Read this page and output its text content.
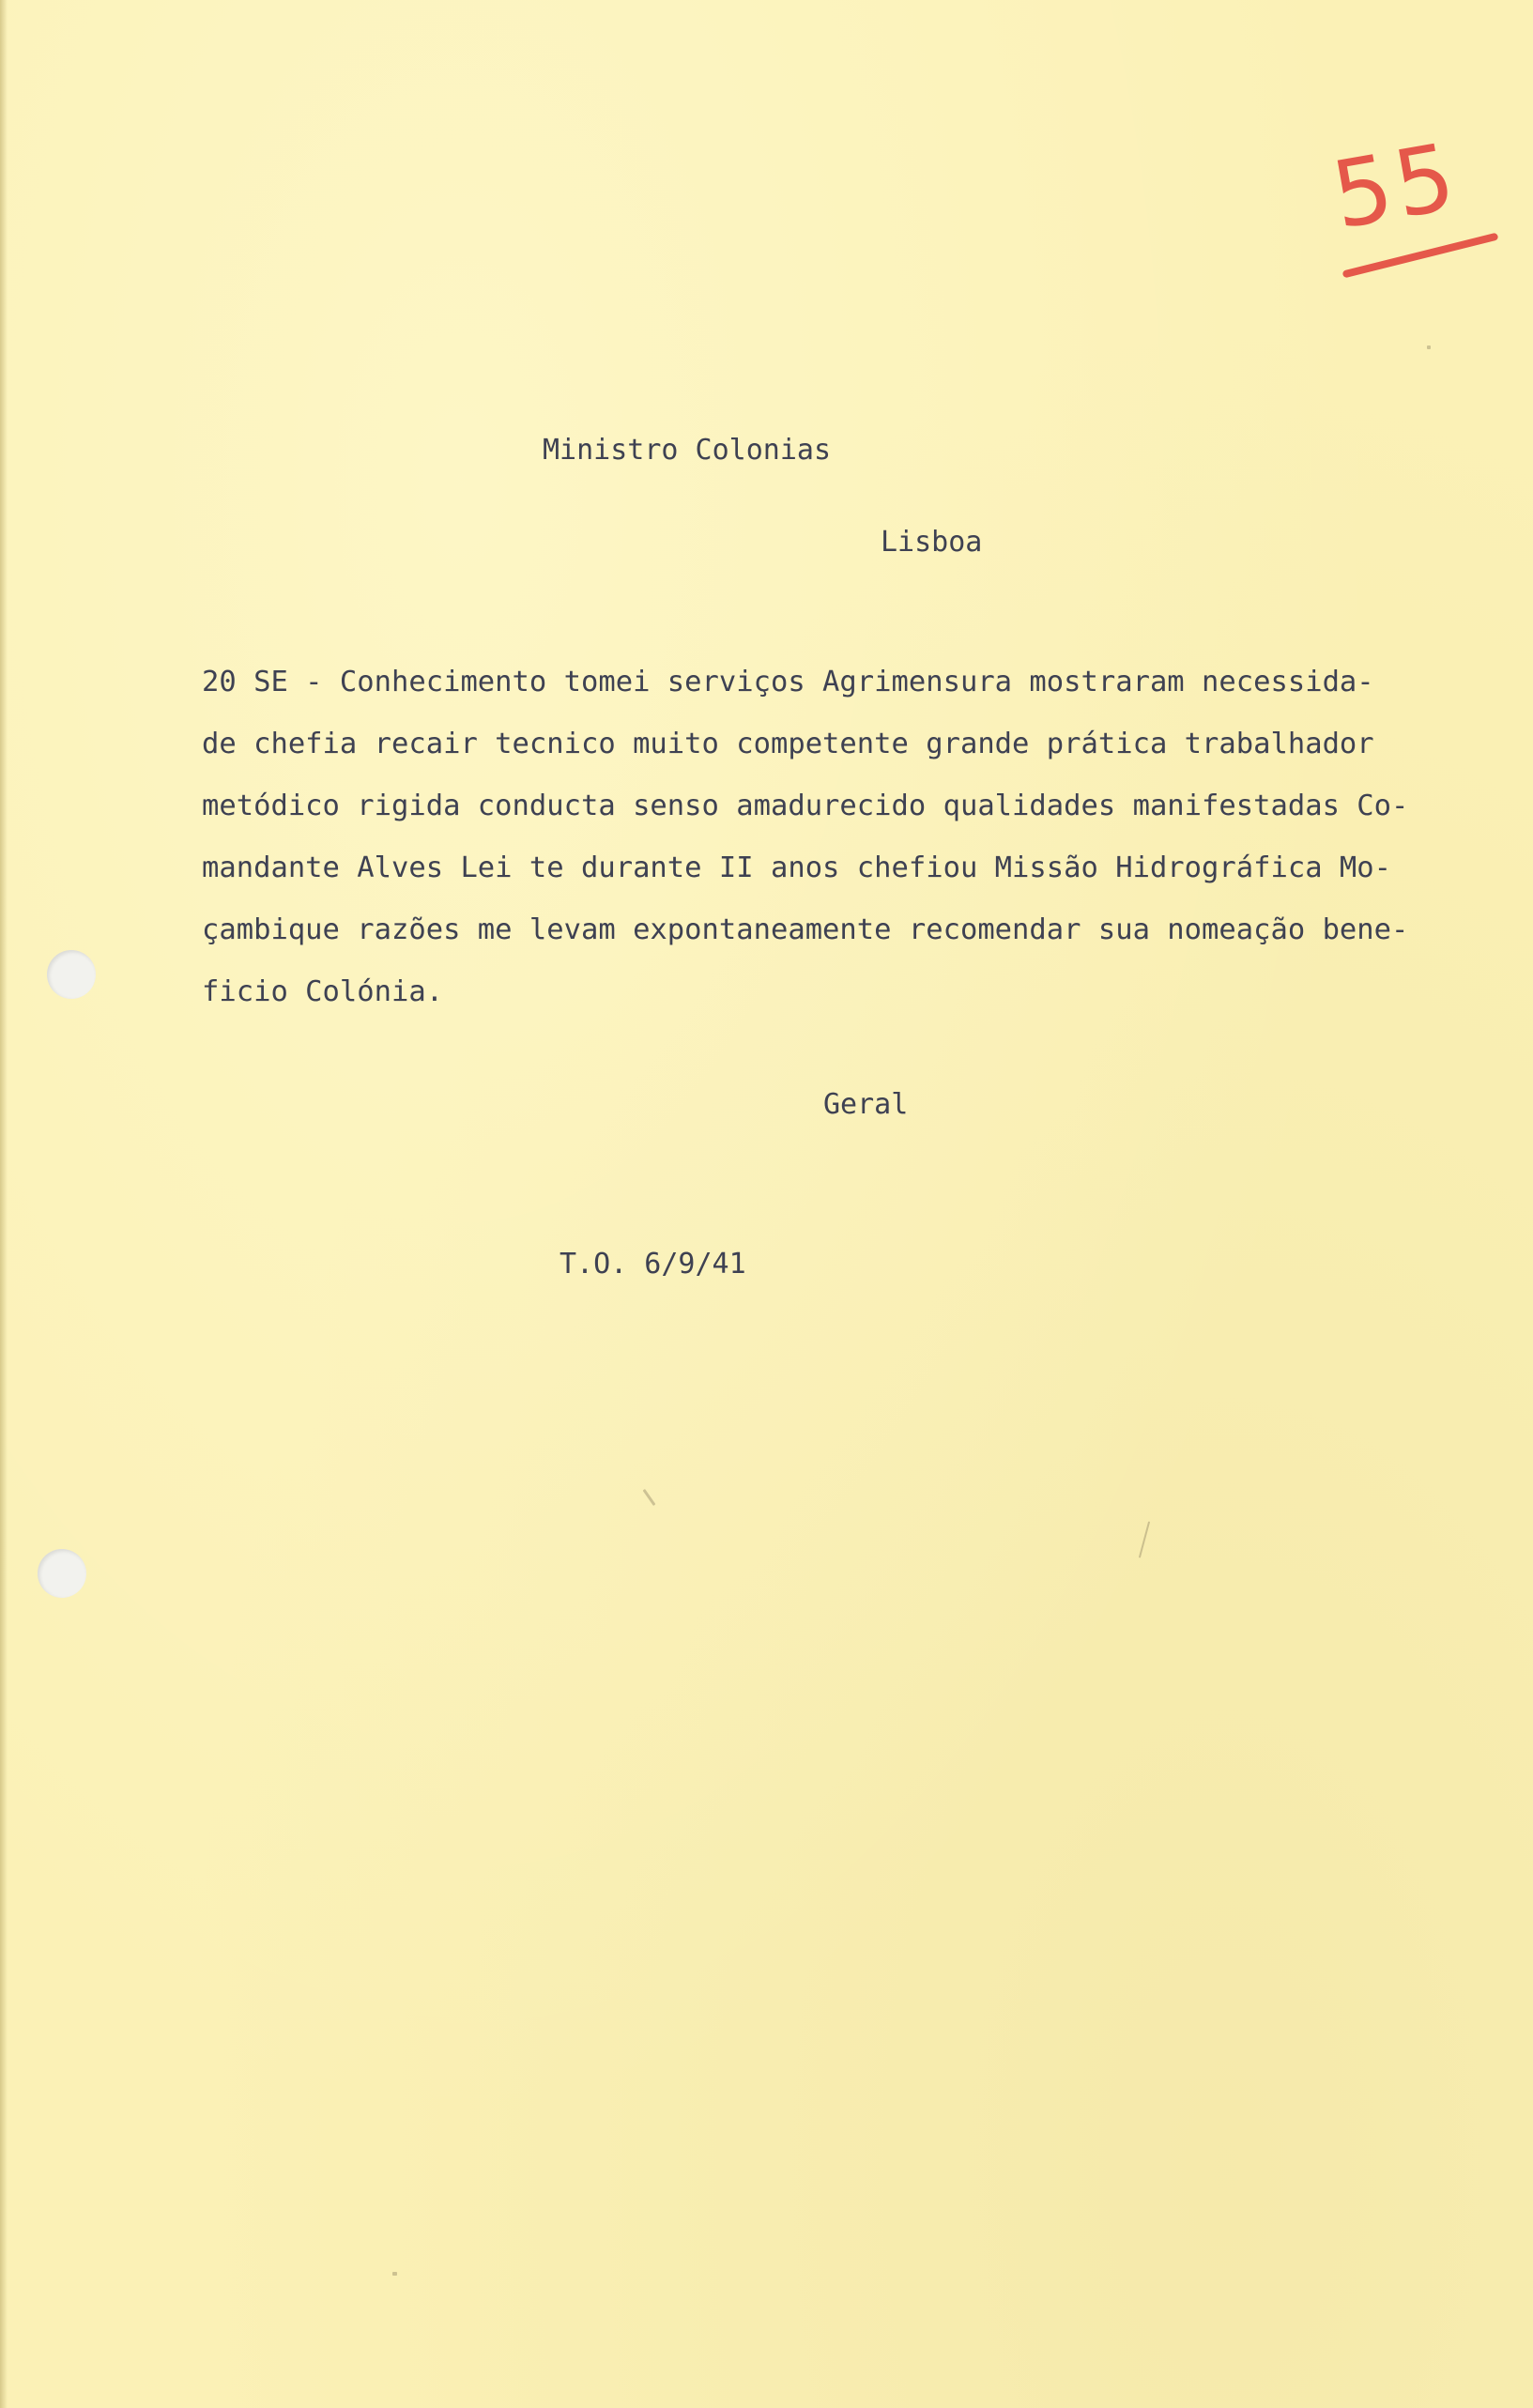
55
Ministro Colonias
Lisboa
20 SE - Conhecimento tomei serviços Agrimensura mostraram necessida-
de chefia recair tecnico muito competente grande prática trabalhador
metódico rigida conducta senso amadurecido qualidades manifestadas Co-
mandante Alves Lei te durante II anos chefiou Missão Hidrográfica Mo-
çambique razões me levam expontaneamente recomendar sua nomeação bene-
ficio Colónia.
Geral
T.O. 6/9/41
